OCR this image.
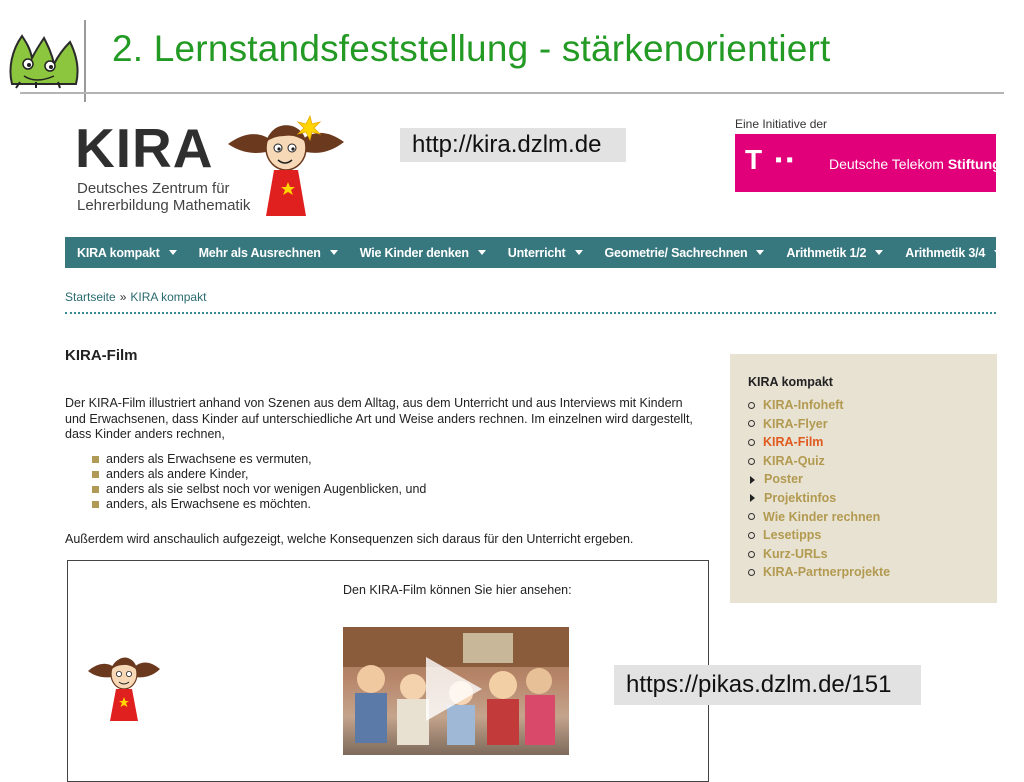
2. Lernstandsfeststellung - stärkenorientiert
KIRA
Deutsches Zentrum für
Lehrerbildung Mathematik
http://kira.dzlm.de
Eine Initiative der
T ▪▪ Deutsche Telekom Stiftung
KIRA kompakt	Mehr als Ausrechnen	Wie Kinder denken	Unterricht	Geometrie/ Sachrechnen	Arithmetik 1/2	Arithmetik 3/4
Startseite » KIRA kompakt
KIRA-Film
Der KIRA-Film illustriert anhand von Szenen aus dem Alltag, aus dem Unterricht und aus Interviews mit Kindern und Erwachsenen, dass Kinder auf unterschiedliche Art und Weise anders rechnen. Im einzelnen wird dargestellt, dass Kinder anders rechnen,
anders als Erwachsene es vermuten,
anders als andere Kinder,
anders als sie selbst noch vor wenigen Augenblicken, und
anders, als Erwachsene es möchten.
Außerdem wird anschaulich aufgezeigt, welche Konsequenzen sich daraus für den Unterricht ergeben.
Den KIRA-Film können Sie hier ansehen:
https://pikas.dzlm.de/151
KIRA kompakt
KIRA-Infoheft
KIRA-Flyer
KIRA-Film
KIRA-Quiz
Poster
Projektinfos
Wie Kinder rechnen
Lesetipps
Kurz-URLs
KIRA-Partnerprojekte
